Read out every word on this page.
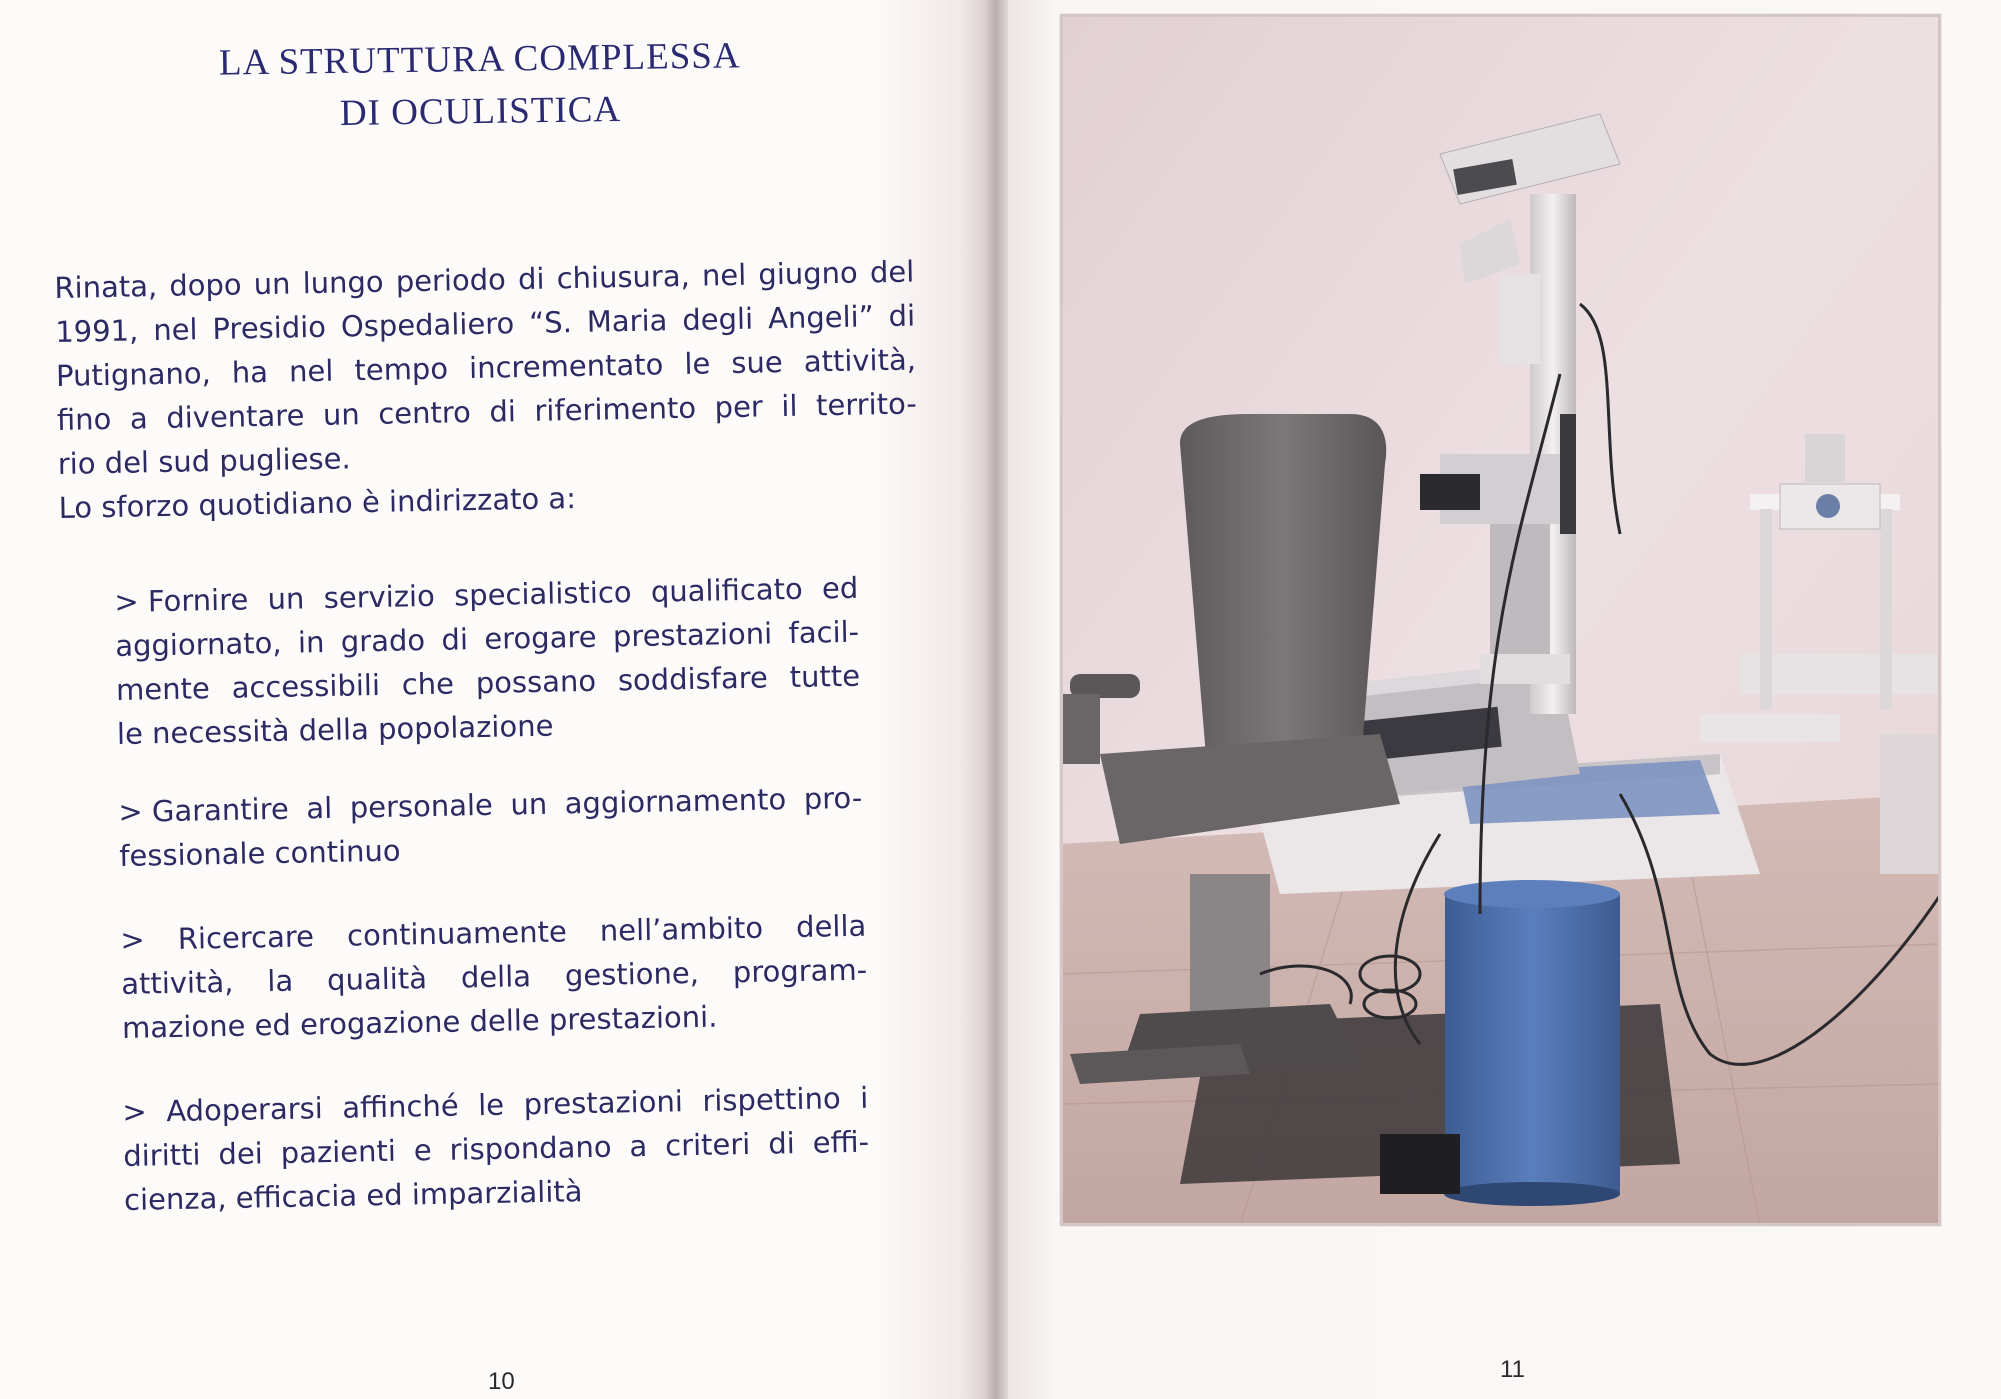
LA STRUTTURA COMPLESSA
DI OCULISTICA
Rinata, dopo un lungo periodo di chiusura, nel giugno del
1991, nel Presidio Ospedaliero “S. Maria degli Angeli” di
Putignano, ha nel tempo incrementato le sue attività,
fino a diventare un centro di riferimento per il territo-
rio del sud pugliese.
Lo sforzo quotidiano è indirizzato a:
> Fornire un servizio specialistico qualificato ed
aggiornato, in grado di erogare prestazioni facil-
mente accessibili che possano soddisfare tutte
le necessità della popolazione
> Garantire al personale un aggiornamento pro-
fessionale continuo
> Ricercare continuamente nell’ambito della
attività, la qualità della gestione, program-
mazione ed erogazione delle prestazioni.
> Adoperarsi affinché le prestazioni rispettino i
diritti dei pazienti e rispondano a criteri di effi-
cienza, efficacia ed imparzialità
10	11
